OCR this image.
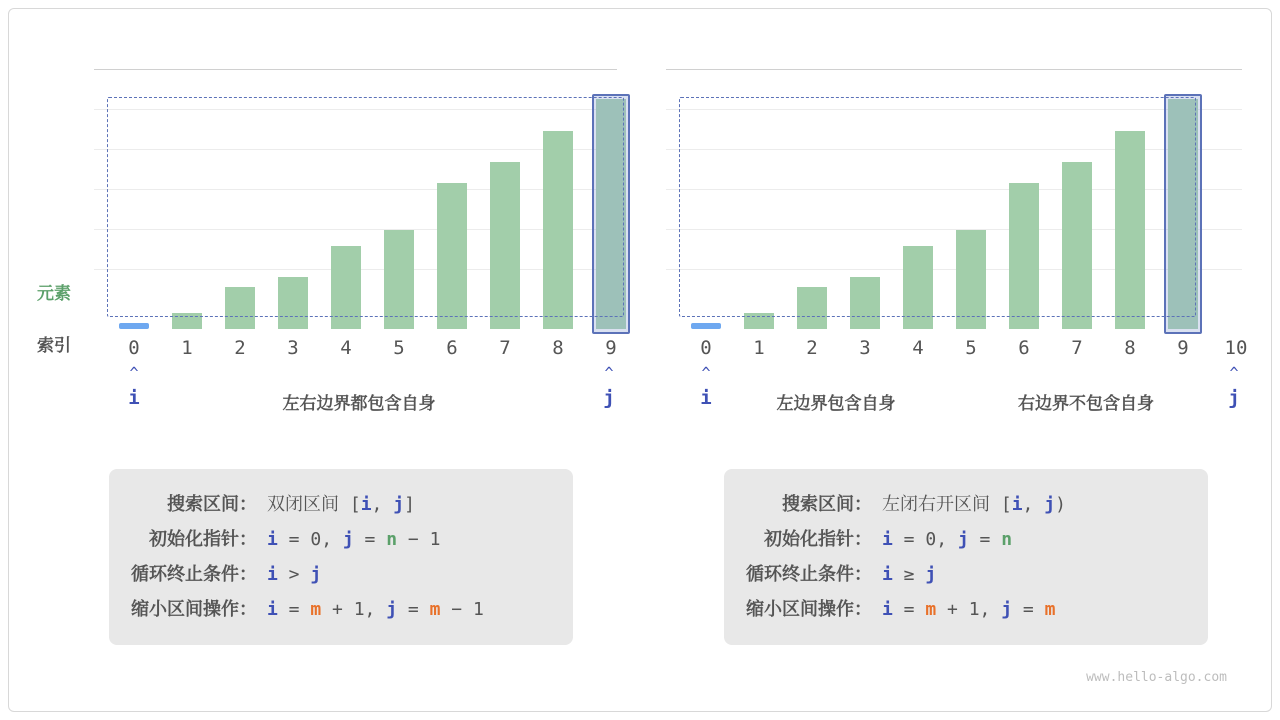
0	1	2	3	4	5	6	7	8	9
^
i
^
j
左右边界都包含自身
0	1	2	3	4	5	6	7	8	9	10
^
i
^
j
左边界包含自身	右边界不包含自身
元素
索引
搜索区间： 双闭区间 [i, j]
初始化指针： i = 0, j = n − 1
循环终止条件： i > j
缩小区间操作： i = m + 1, j = m − 1
搜索区间： 左闭右开区间 [i, j)
初始化指针： i = 0, j = n
循环终止条件： i ≥ j
缩小区间操作： i = m + 1, j = m
www.hello-algo.com
